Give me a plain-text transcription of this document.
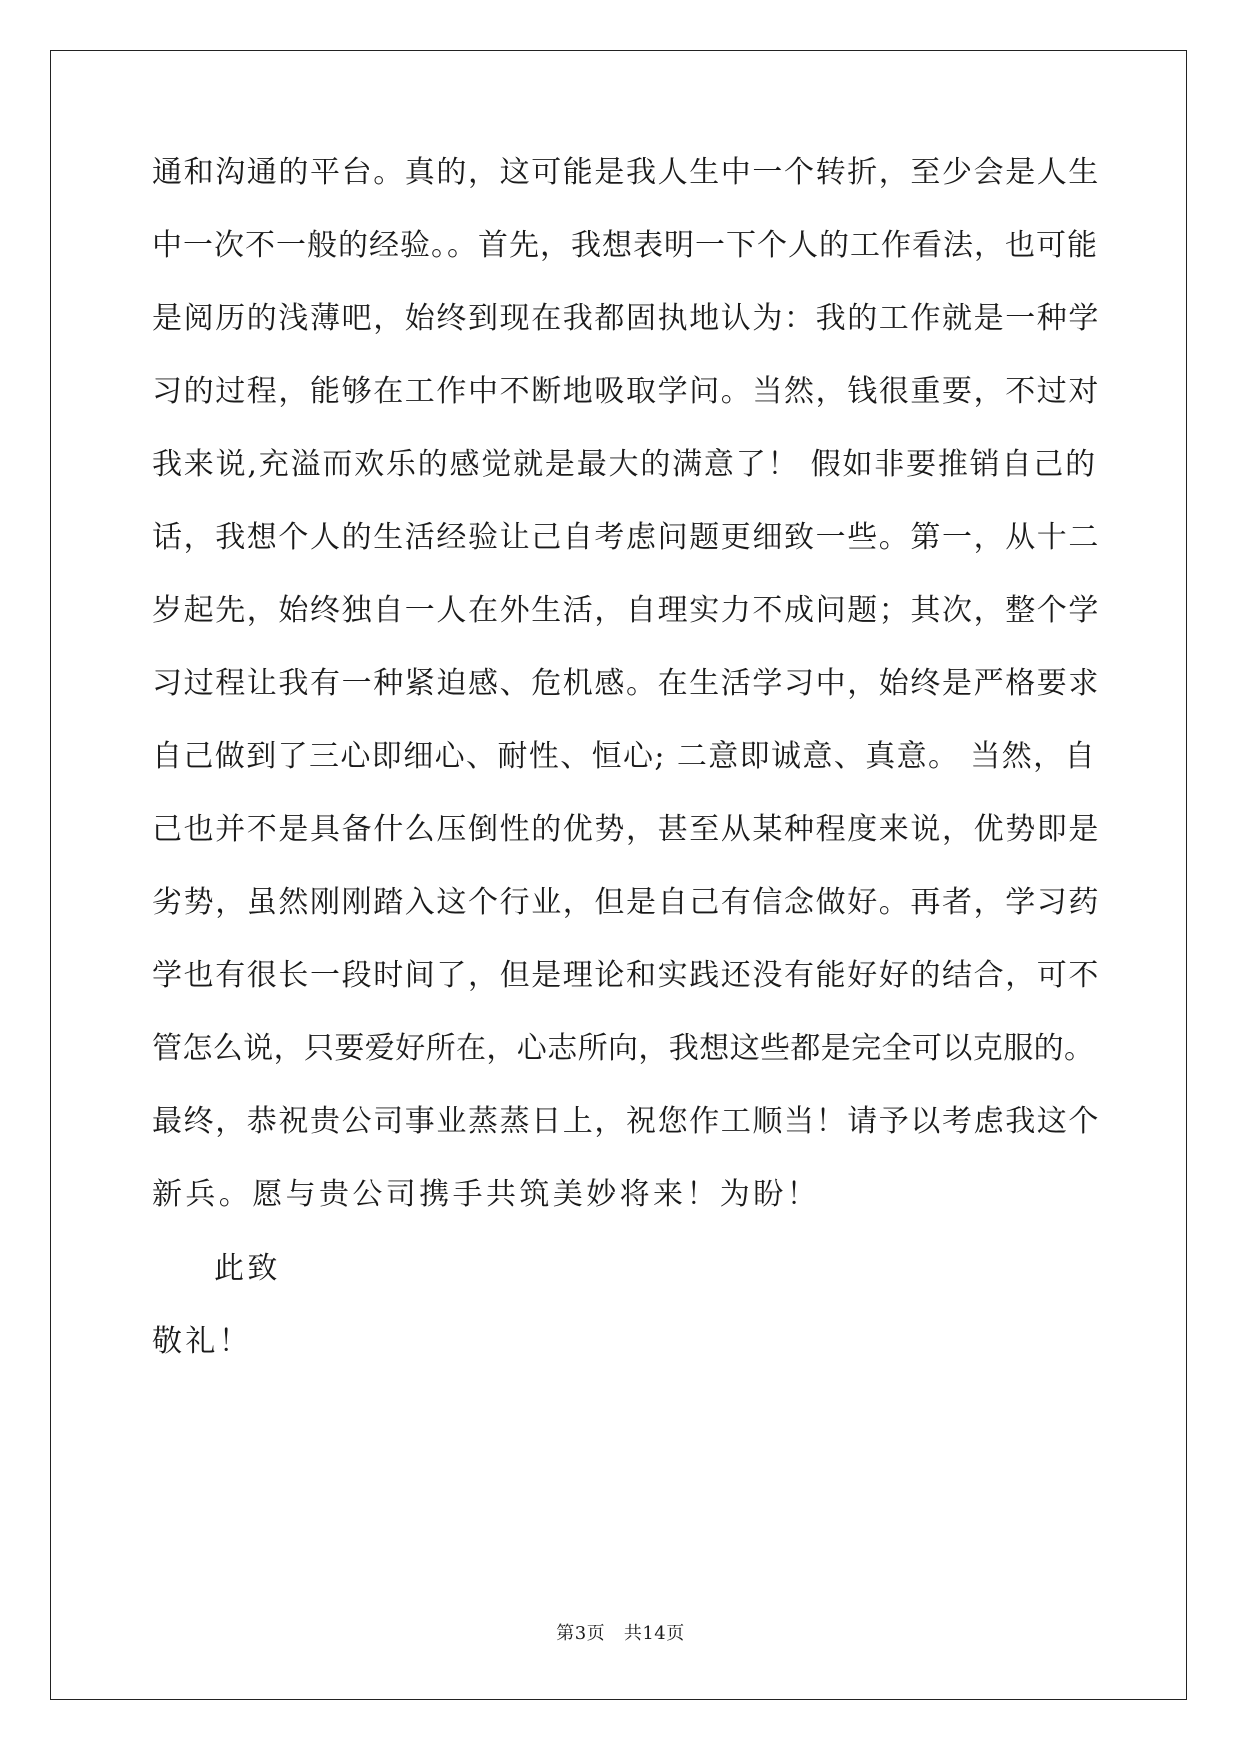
通和沟通的平台。真的，这可能是我人生中一个转折，至少会是人生
中一次不一般的经验。。首先，我想表明一下个人的工作看法，也可能
是阅历的浅薄吧，始终到现在我都固执地认为：我的工作就是一种学
习的过程，能够在工作中不断地吸取学问。当然，钱很重要，不过对
我来说,充溢而欢乐的感觉就是最大的满意了！ 假如非要推销自己的
话，我想个人的生活经验让己自考虑问题更细致一些。第一，从十二
岁起先，始终独自一人在外生活，自理实力不成问题；其次，整个学
习过程让我有一种紧迫感、危机感。在生活学习中，始终是严格要求
自己做到了三心即细心、耐性、恒心; 二意即诚意、真意。 当然，自
己也并不是具备什么压倒性的优势，甚至从某种程度来说，优势即是
劣势，虽然刚刚踏入这个行业，但是自己有信念做好。再者，学习药
学也有很长一段时间了，但是理论和实践还没有能好好的结合，可不
管怎么说，只要爱好所在，心志所向，我想这些都是完全可以克服的。
最终，恭祝贵公司事业蒸蒸日上，祝您作工顺当！请予以考虑我这个
新兵。愿与贵公司携手共筑美妙将来！为盼！
此致
敬礼！
第3页   共14页
